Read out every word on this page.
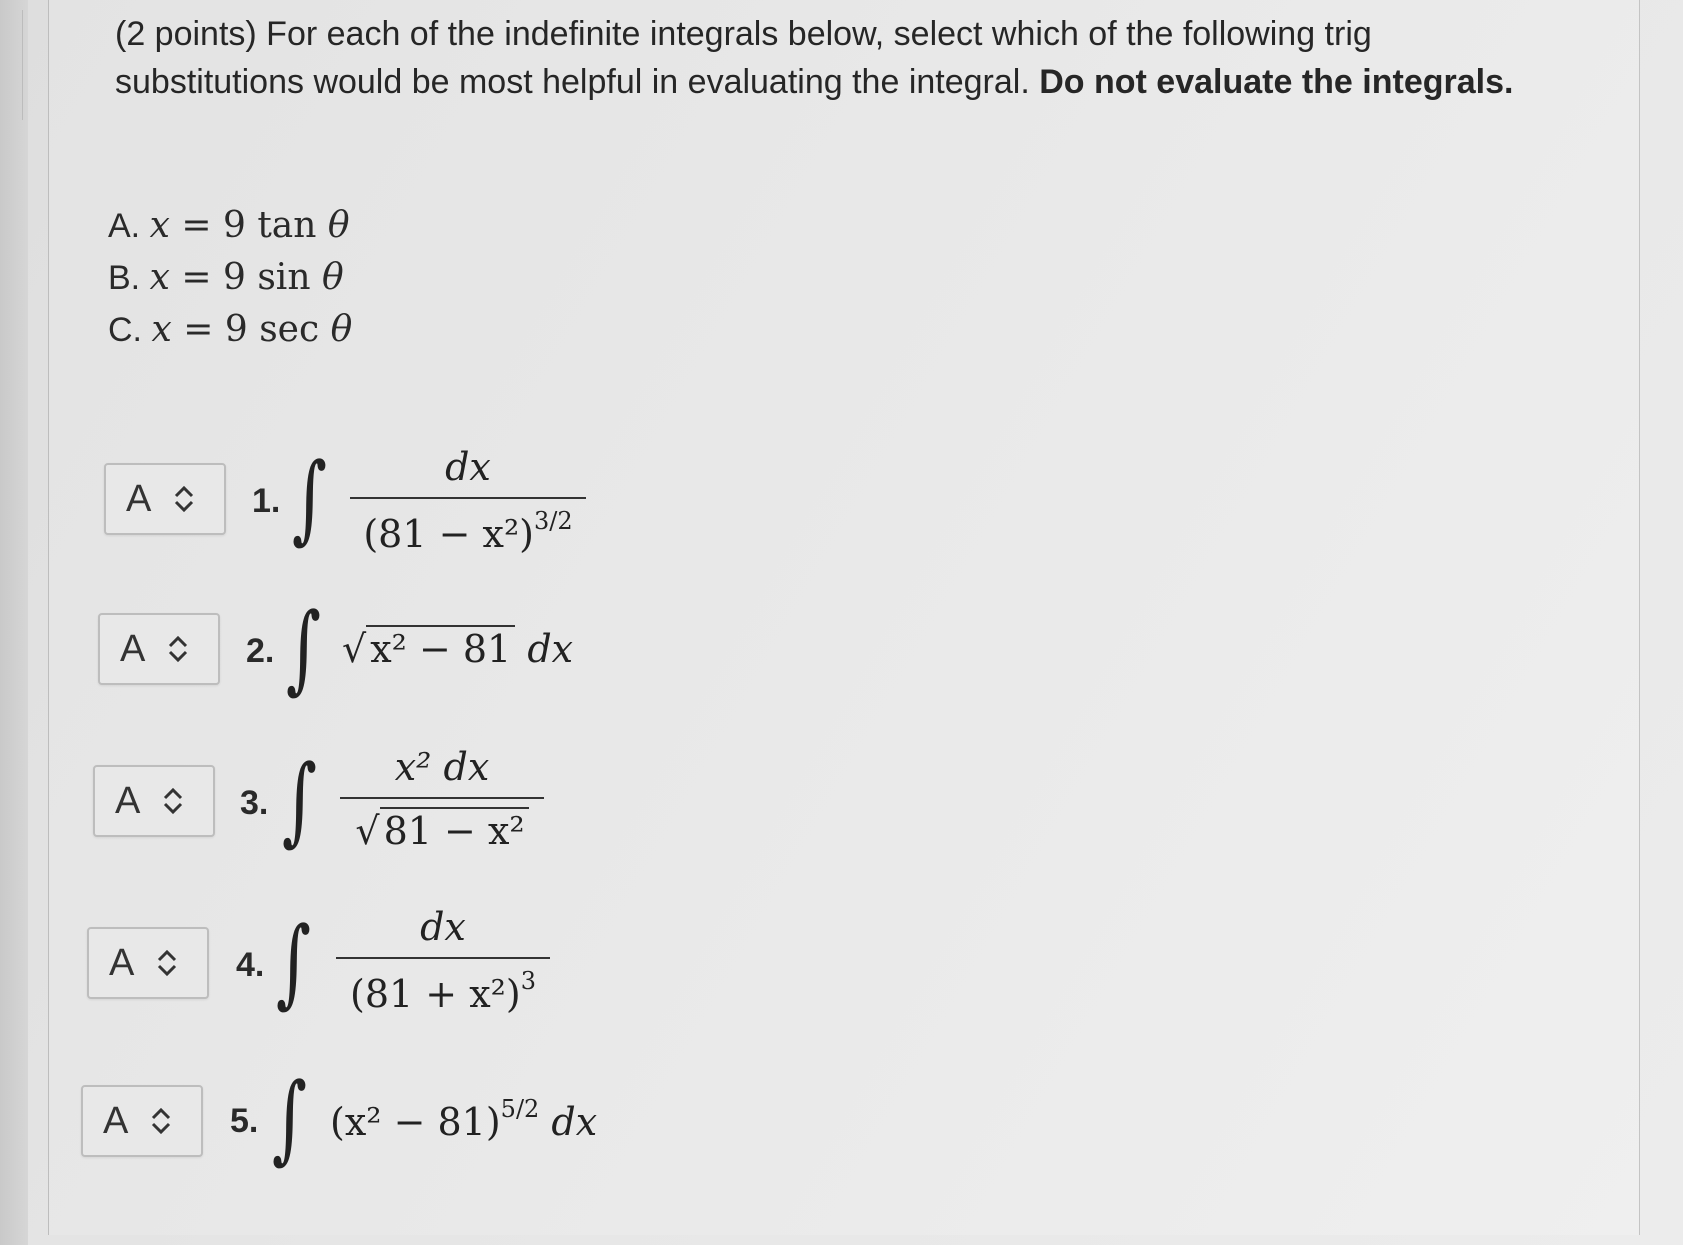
(2 points) For each of the indefinite integrals below, select which of the following trig substitutions would be most helpful in evaluating the integral. Do not evaluate the integrals.
A. x = 9 tan θ
B. x = 9 sin θ
C. x = 9 sec θ
A	1. ∫	dx
$(81 - x^2)^{3/2}$
A	2. ∫ √ x² − 81 dx
A	3. ∫	x² dx
√ 81 − x²
A	4. ∫	dx
$(81 + x^2)^3$
A	5. ∫ $(x^2 - 81)^{5/2}$ dx
